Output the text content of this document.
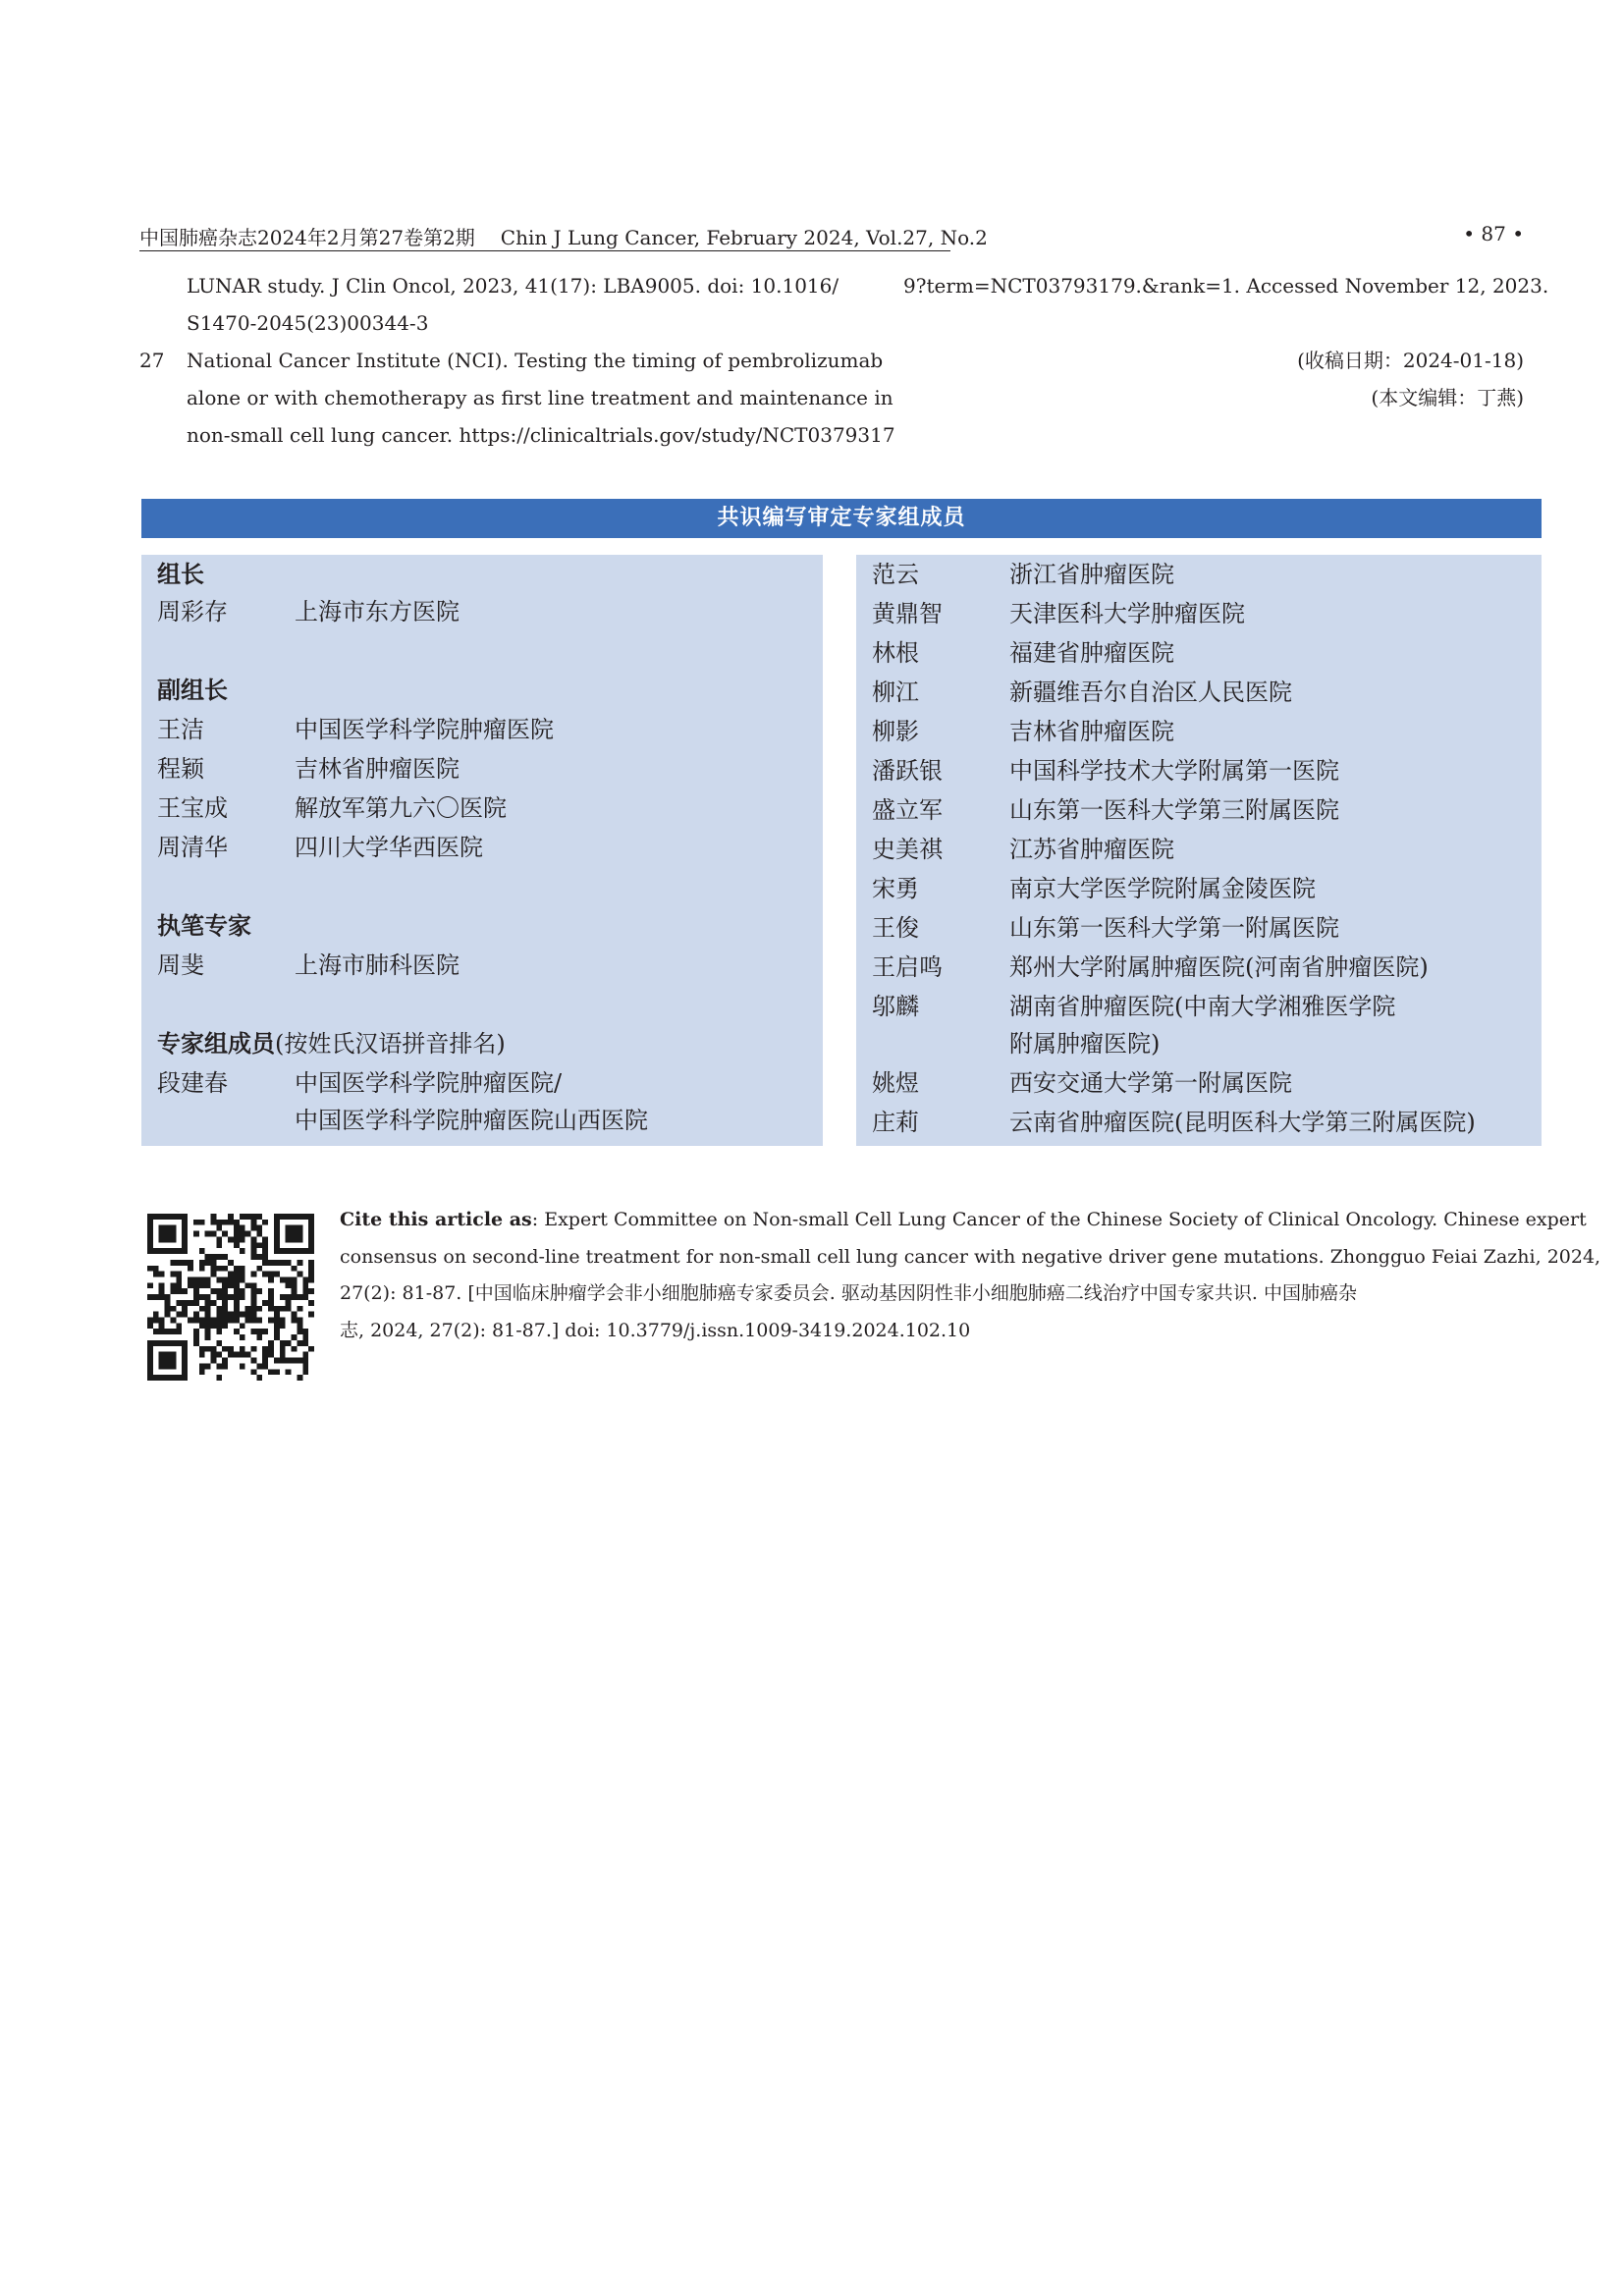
中国肺癌杂志2024年2月第27卷第2期 Chin J Lung Cancer, February 2024, Vol.27, No.2	• 87 •
LUNAR study. J Clin Oncol, 2023, 41(17): LBA9005. doi: 10.1016/
S1470-2045(23)00344-3
27	National Cancer Institute (NCI). Testing the timing of pembrolizumab
alone or with chemotherapy as first line treatment and maintenance in
non-small cell lung cancer. https://clinicaltrials.gov/study/NCT0379317
9?term=NCT03793179.&rank=1. Accessed November 12, 2023.
(收稿日期：2024-01-18)
(本文编辑：丁燕)
共识编写审定专家组成员
组长
周彩存	上海市东方医院
副组长
王洁	中国医学科学院肿瘤医院
程颖	吉林省肿瘤医院
王宝成	解放军第九六〇医院
周清华	四川大学华西医院
执笔专家
周斐	上海市肺科医院
专家组成员(按姓氏汉语拼音排名)
段建春	中国医学科学院肿瘤医院/
中国医学科学院肿瘤医院山西医院
范云	浙江省肿瘤医院
黄鼎智	天津医科大学肿瘤医院
林根	福建省肿瘤医院
柳江	新疆维吾尔自治区人民医院
柳影	吉林省肿瘤医院
潘跃银	中国科学技术大学附属第一医院
盛立军	山东第一医科大学第三附属医院
史美祺	江苏省肿瘤医院
宋勇	南京大学医学院附属金陵医院
王俊	山东第一医科大学第一附属医院
王启鸣	郑州大学附属肿瘤医院(河南省肿瘤医院)
邬麟	湖南省肿瘤医院(中南大学湘雅医学院
附属肿瘤医院)
姚煜	西安交通大学第一附属医院
庄莉	云南省肿瘤医院(昆明医科大学第三附属医院)
Cite this article as: Expert Committee on Non-small Cell Lung Cancer of the Chinese Society of Clinical Oncology. Chinese expert
consensus on second-line treatment for non-small cell lung cancer with negative driver gene mutations. Zhongguo Feiai Zazhi, 2024,
27(2): 81-87. [中国临床肿瘤学会非小细胞肺癌专家委员会. 驱动基因阴性非小细胞肺癌二线治疗中国专家共识. 中国肺癌杂
志, 2024, 27(2): 81-87.] doi: 10.3779/j.issn.1009-3419.2024.102.10
